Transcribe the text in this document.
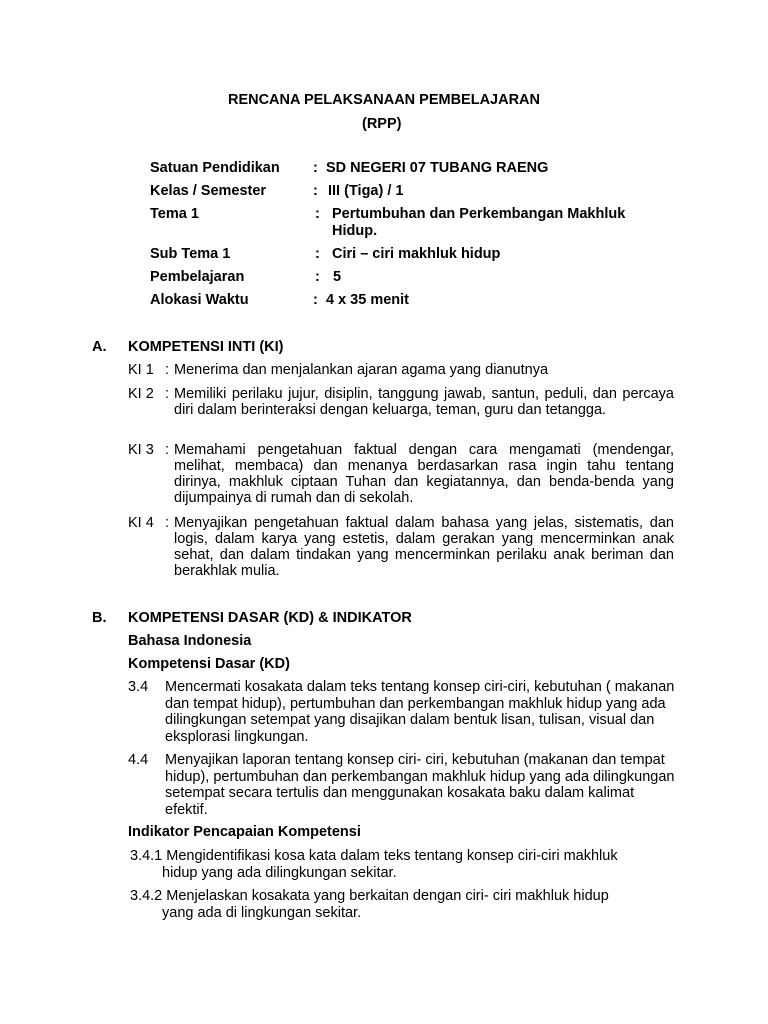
RENCANA PELAKSANAAN PEMBELAJARAN
(RPP)
Satuan Pendidikan : SD NEGERI 07 TUBANG RAENG
Kelas / Semester	: III (Tiga) / 1
Tema 1	: Pertumbuhan dan Perkembangan Makhluk Hidup.
Sub Tema 1	: Ciri – ciri makhluk hidup
Pembelajaran	: 5
Alokasi Waktu	: 4 x 35 menit
A. KOMPETENSI INTI (KI)
KI 1 : Menerima dan menjalankan ajaran agama yang dianutnya
KI 2 : Memiliki perilaku jujur, disiplin, tanggung jawab, santun, peduli, dan percaya diri dalam berinteraksi dengan keluarga, teman, guru dan tetangga.
KI 3 : Memahami pengetahuan faktual dengan cara mengamati (mendengar, melihat, membaca) dan menanya berdasarkan rasa ingin tahu tentang dirinya, makhluk ciptaan Tuhan dan kegiatannya, dan benda-benda yang dijumpainya di rumah dan di sekolah.
KI 4 : Menyajikan pengetahuan faktual dalam bahasa yang jelas, sistematis, dan logis, dalam karya yang estetis, dalam gerakan yang mencerminkan anak sehat, dan dalam tindakan yang mencerminkan perilaku anak beriman dan berakhlak mulia.
B. KOMPETENSI DASAR (KD) & INDIKATOR
Bahasa Indonesia
Kompetensi Dasar (KD)
3.4 Mencermati kosakata dalam teks tentang konsep ciri-ciri, kebutuhan ( makanan dan tempat hidup), pertumbuhan dan perkembangan makhluk hidup yang ada dilingkungan setempat yang disajikan dalam bentuk lisan, tulisan, visual dan eksplorasi lingkungan.
4.4 Menyajikan laporan tentang konsep ciri- ciri, kebutuhan (makanan dan tempat hidup), pertumbuhan dan perkembangan makhluk hidup yang ada dilingkungan setempat secara tertulis dan menggunakan kosakata baku dalam kalimat efektif.
Indikator Pencapaian Kompetensi
3.4.1 Mengidentifikasi kosa kata dalam teks tentang konsep ciri-ciri makhluk
hidup yang ada dilingkungan sekitar.
3.4.2 Menjelaskan kosakata yang berkaitan dengan ciri- ciri makhluk hidup
yang ada di lingkungan sekitar.
